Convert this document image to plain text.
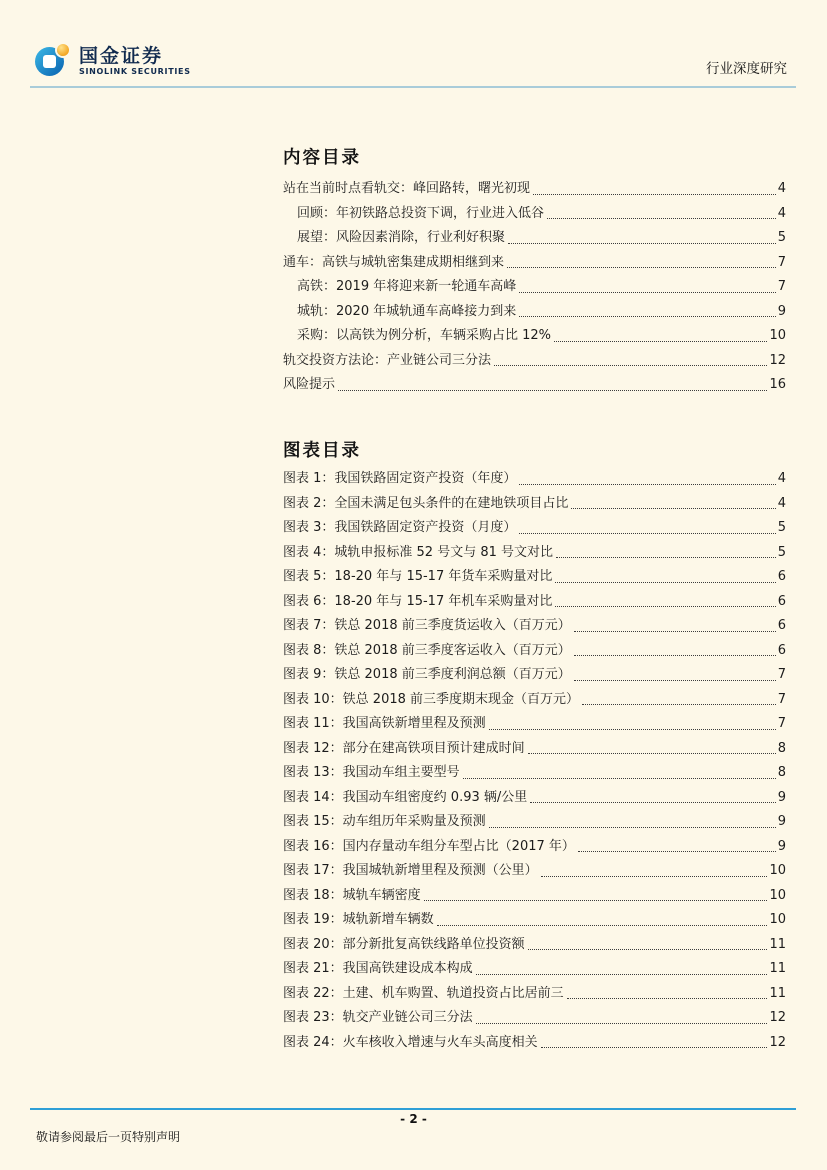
国金证券
SINOLINK SECURITIES	行业深度研究
内容目录
站在当前时点看轨交：峰回路转，曙光初现	4
回顾：年初铁路总投资下调，行业进入低谷	4
展望：风险因素消除，行业利好积聚	5
通车：高铁与城轨密集建成期相继到来	7
高铁：2019 年将迎来新一轮通车高峰	7
城轨：2020 年城轨通车高峰接力到来	9
采购：以高铁为例分析，车辆采购占比 12%	10
轨交投资方法论：产业链公司三分法	12
风险提示	16
图表目录
图表 1：我国铁路固定资产投资（年度）	4
图表 2：全国未满足包头条件的在建地铁项目占比	4
图表 3：我国铁路固定资产投资（月度）	5
图表 4：城轨申报标准 52 号文与 81 号文对比	5
图表 5：18-20 年与 15-17 年货车采购量对比	6
图表 6：18-20 年与 15-17 年机车采购量对比	6
图表 7：铁总 2018 前三季度货运收入（百万元）	6
图表 8：铁总 2018 前三季度客运收入（百万元）	6
图表 9：铁总 2018 前三季度利润总额（百万元）	7
图表 10：铁总 2018 前三季度期末现金（百万元）	7
图表 11：我国高铁新增里程及预测	7
图表 12：部分在建高铁项目预计建成时间	8
图表 13：我国动车组主要型号	8
图表 14：我国动车组密度约 0.93 辆/公里	9
图表 15：动车组历年采购量及预测	9
图表 16：国内存量动车组分车型占比（2017 年）	9
图表 17：我国城轨新增里程及预测（公里）	10
图表 18：城轨车辆密度	10
图表 19：城轨新增车辆数	10
图表 20：部分新批复高铁线路单位投资额	11
图表 21：我国高铁建设成本构成	11
图表 22：土建、机车购置、轨道投资占比居前三	11
图表 23：轨交产业链公司三分法	12
图表 24：火车核收入增速与火车头高度相关	12
- 2 -
敬请参阅最后一页特别声明
